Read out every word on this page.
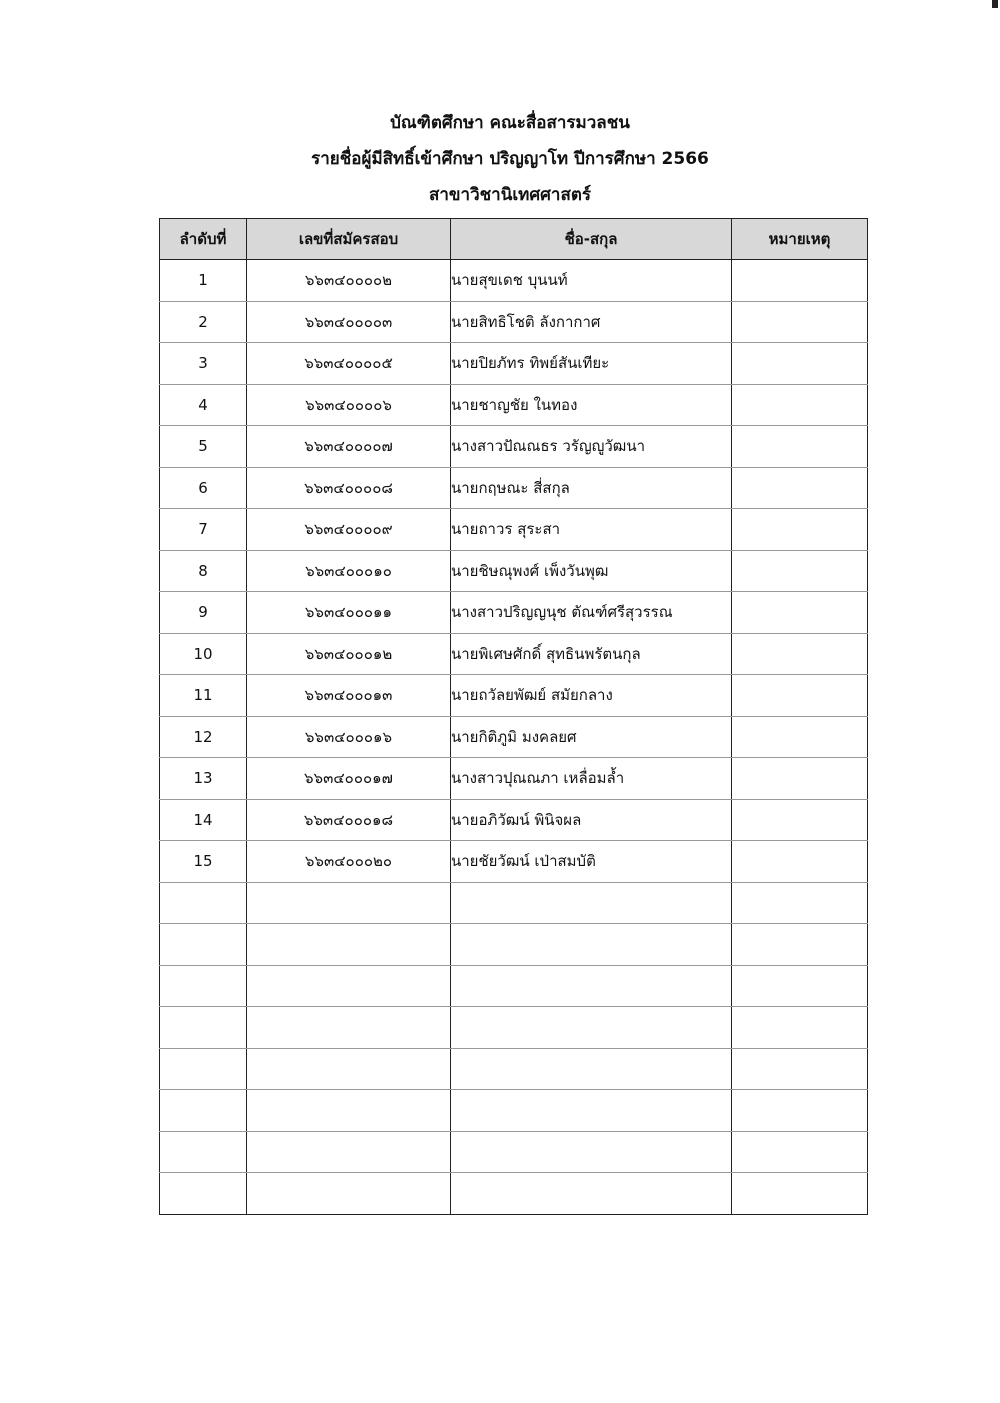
บัณฑิตศึกษา คณะสื่อสารมวลชน
รายชื่อผู้มีสิทธิ์เข้าศึกษา ปริญญาโท ปีการศึกษา 2566
สาขาวิชานิเทศศาสตร์
ลำดับที่	เลขที่สมัครสอบ	ชื่อ-สกุล	หมายเหตุ
1	๖๖๓๔๐๐๐๐๒	นายสุขเดช บุนนท์	
2	๖๖๓๔๐๐๐๐๓	นายสิทธิโชติ ลังกากาศ	
3	๖๖๓๔๐๐๐๐๕	นายปิยภัทร ทิพย์สันเทียะ	
4	๖๖๓๔๐๐๐๐๖	นายชาญชัย ในทอง	
5	๖๖๓๔๐๐๐๐๗	นางสาวปัณณธร วรัญญูวัฒนา	
6	๖๖๓๔๐๐๐๐๘	นายกฤษณะ สี่สกุล	
7	๖๖๓๔๐๐๐๐๙	นายถาวร สุระสา	
8	๖๖๓๔๐๐๐๑๐	นายชิษณุพงศ์ เพ็งวันพุฒ	
9	๖๖๓๔๐๐๐๑๑	นางสาวปริญญนุช ตัณฑ์ศรีสุวรรณ	
10	๖๖๓๔๐๐๐๑๒	นายพิเศษศักดิ์ สุทธินพรัตนกุล	
11	๖๖๓๔๐๐๐๑๓	นายถวัลยพัฒย์ สมัยกลาง	
12	๖๖๓๔๐๐๐๑๖	นายกิติภูมิ มงคลยศ	
13	๖๖๓๔๐๐๐๑๗	นางสาวปุณณภา เหลื่อมล้ำ	
14	๖๖๓๔๐๐๐๑๘	นายอภิวัฒน์ พินิจผล	
15	๖๖๓๔๐๐๐๒๐	นายชัยวัฒน์ เป่าสมบัติ	
